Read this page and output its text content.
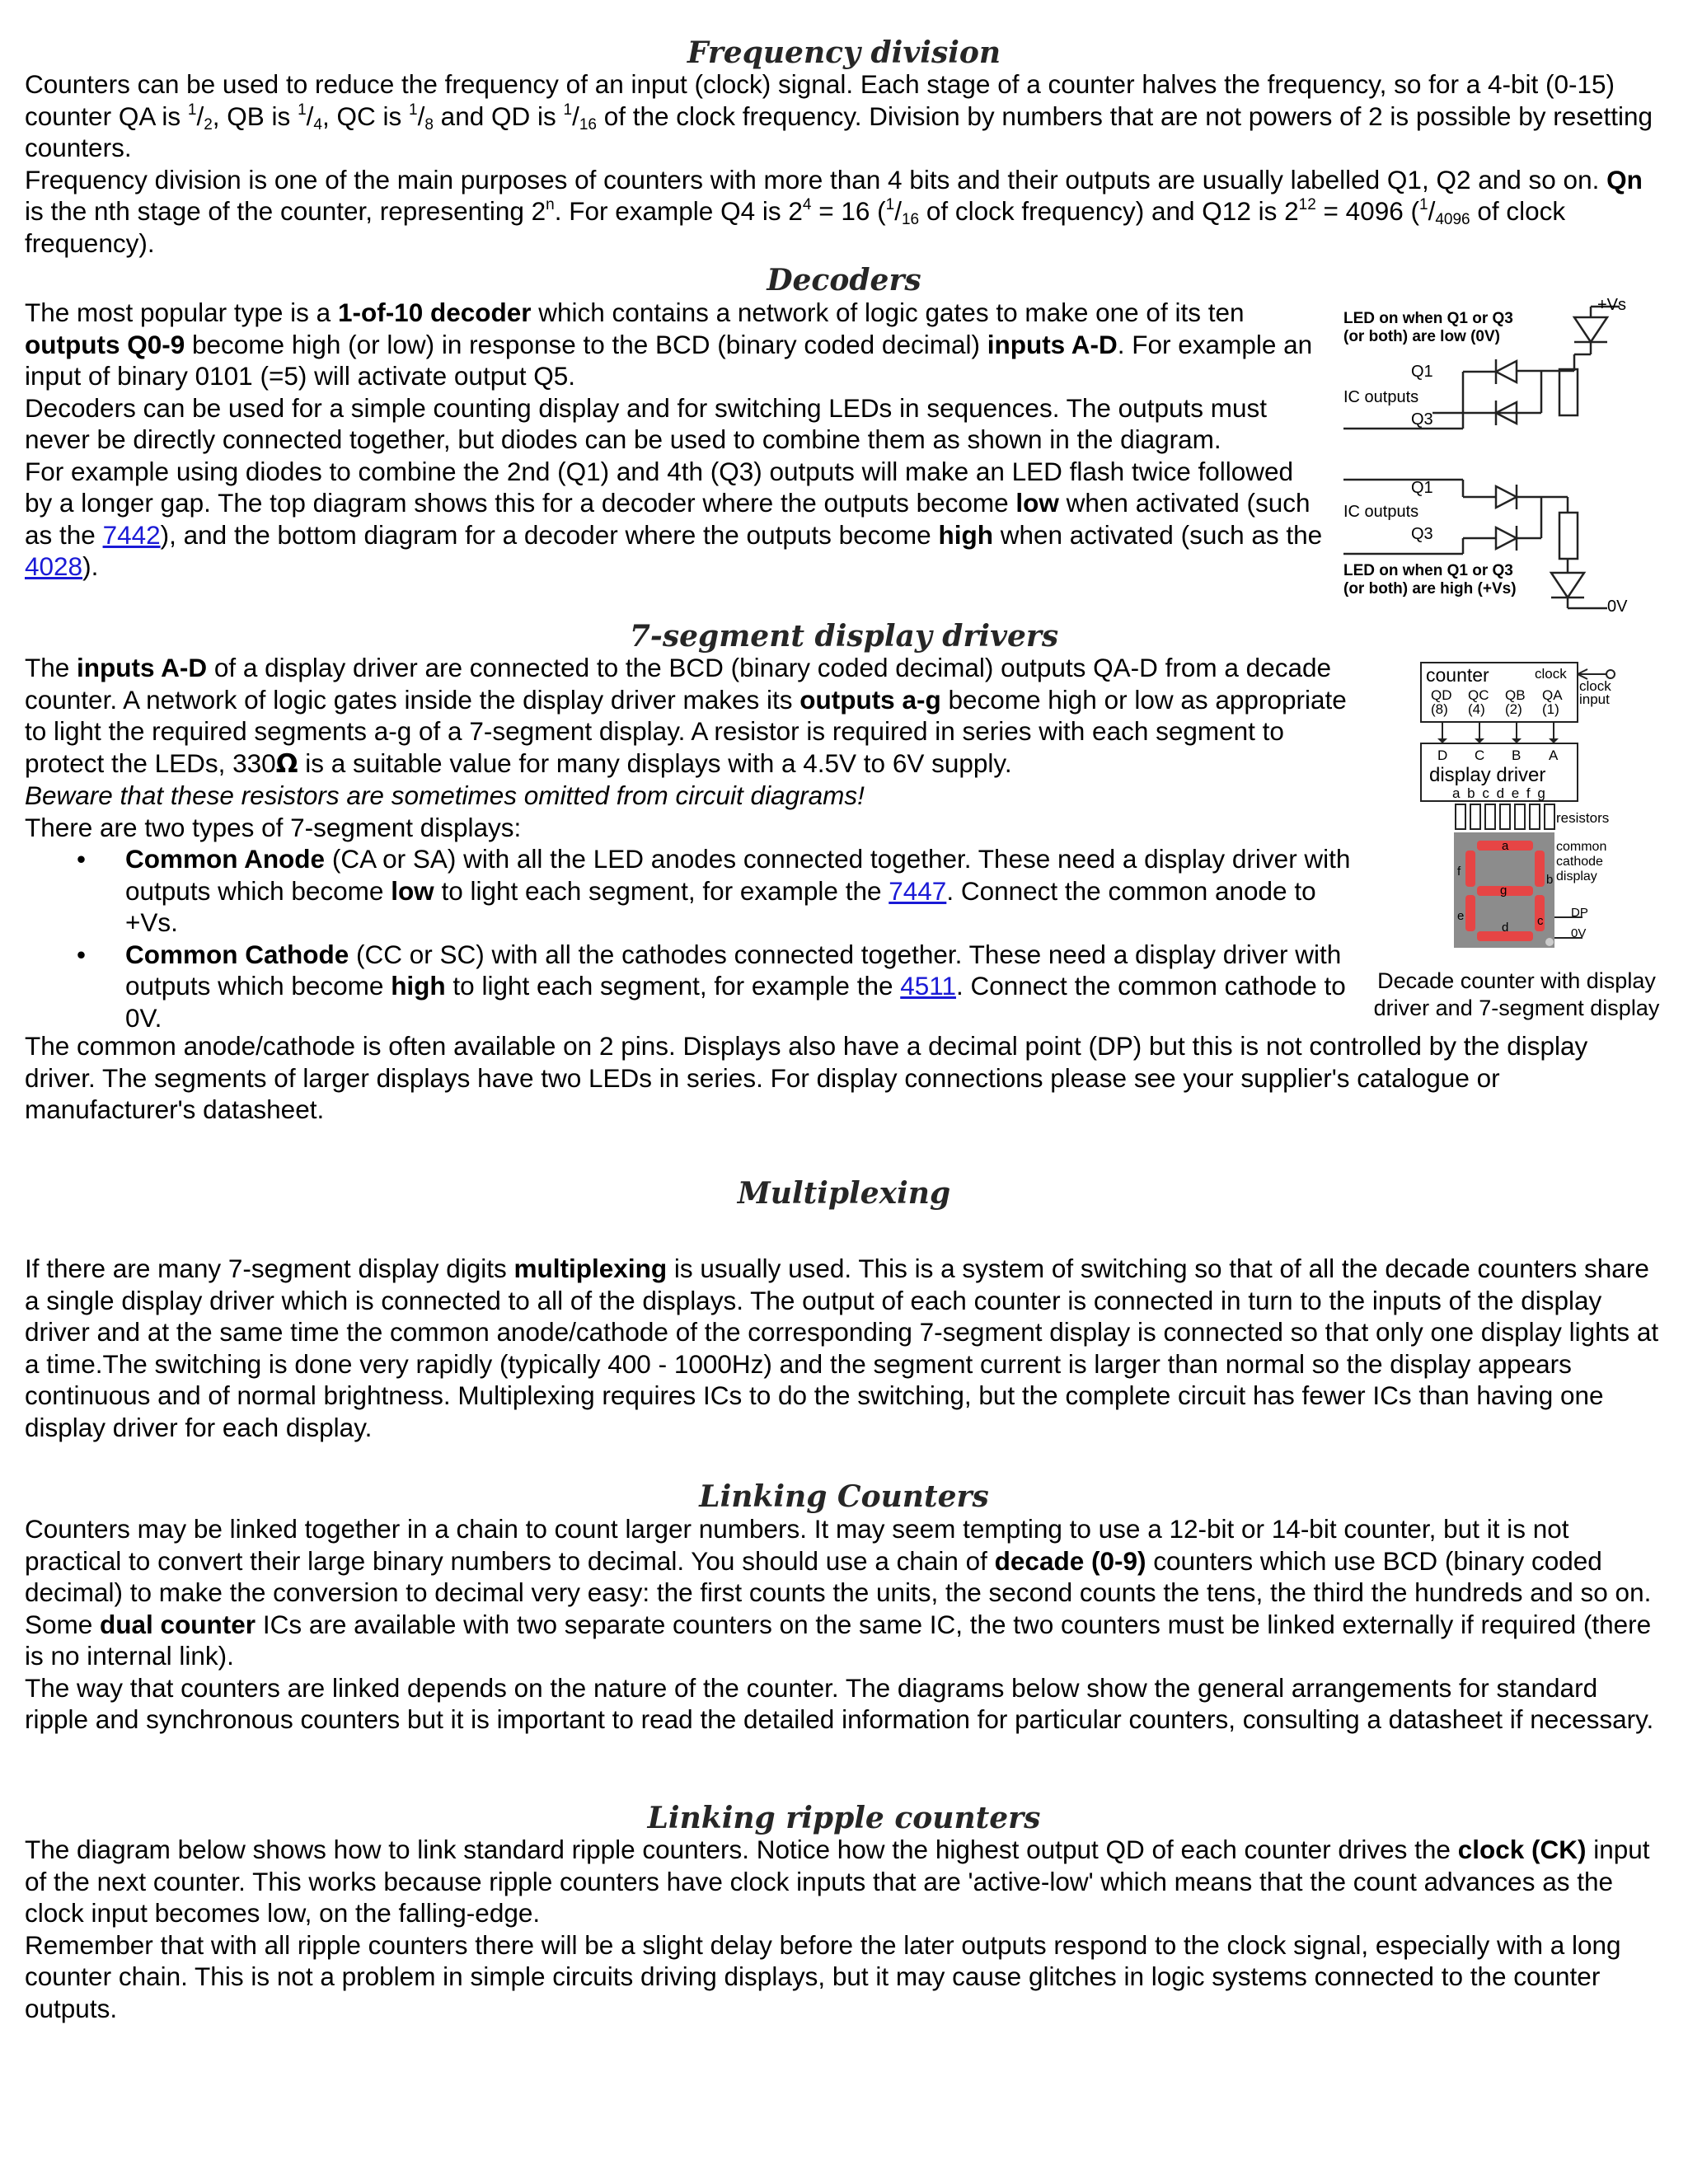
Frequency division

Counters can be used to reduce the frequency of an input (clock) signal. Each stage of a counter halves the frequency, so for a 4-bit (0-15) counter QA is $^1/_2$, QB is $^1/_4$, QC is $^1/_8$ and QD is $^1/_{16}$ of the clock frequency. Division by numbers that are not powers of 2 is possible by resetting counters.

Frequency division is one of the main purposes of counters with more than 4 bits and their outputs are usually labelled Q1, Q2 and so on. Qn is the nth stage of the counter, representing 2$^n$. For example Q4 is $2^4 = 16$ ($^1/_{16}$ of clock frequency) and Q12 is $2^{12} = 4096$ ($^1/_{4096}$ of clock frequency).

Decoders

The most popular type is a 1-of-10 decoder which contains a network of logic gates to make one of its ten outputs Q0-9 become high (or low) in response to the BCD (binary coded decimal) inputs A-D. For example an input of binary 0101 (=5) will activate output Q5.

Decoders can be used for a simple counting display and for switching LEDs in sequences. The outputs must never be directly connected together, but diodes can be used to combine them as shown in the diagram.

For example using diodes to combine the 2nd (Q1) and 4th (Q3) outputs will make an LED flash twice followed by a longer gap. The top diagram shows this for a decoder where the outputs become low when activated (such as the 7442), and the bottom diagram for a decoder where the outputs become high when activated (such as the 4028).

LED on when Q1 or Q3
(or both) are low (0V)
+Vs
Q1
IC outputs
Q3
Q1
IC outputs
Q3
LED on when Q1 or Q3
(or both) are high (+Vs)
0V
7-segment display drivers

The inputs A-D of a display driver are connected to the BCD (binary coded decimal) outputs QA-D from a decade counter. A network of logic gates inside the display driver makes its outputs a-g become high or low as appropriate to light the required segments a-g of a 7-segment display. A resistor is required in series with each segment to protect the LEDs, 330Ω is a suitable value for many displays with a 4.5V to 6V supply.

Beware that these resistors are sometimes omitted from circuit diagrams!

There are two types of 7-segment displays:

• Common Anode (CA or SA) with all the LED anodes connected together. These need a display driver with outputs which become low to light each segment, for example the 7447. Connect the common anode to +Vs.
• Common Cathode (CC or SC) with all the cathodes connected together. These need a display driver with outputs which become high to light each segment, for example the 4511. Connect the common cathode to 0V.

The common anode/cathode is often available on 2 pins. Displays also have a decimal point (DP) but this is not controlled by the display driver. The segments of larger displays have two LEDs in series. For display connections please see your supplier's catalogue or manufacturer's datasheet.

counter	clock
clock
input
QD QC QB QA
(8) (4) (2) (1)
D C B A
display driver
a b c d e f g
resistors
a
b
c
d
e
f
g
common
cathode
display
DP
0V
Decade counter with display
driver and 7-segment display
Multiplexing

If there are many 7-segment display digits multiplexing is usually used. This is a system of switching so that of all the decade counters share a single display driver which is connected to all of the displays. The output of each counter is connected in turn to the inputs of the display driver and at the same time the common anode/cathode of the corresponding 7-segment display is connected so that only one display lights at a time.The switching is done very rapidly (typically 400 - 1000Hz) and the segment current is larger than normal so the display appears continuous and of normal brightness. Multiplexing requires ICs to do the switching, but the complete circuit has fewer ICs than having one display driver for each display.

Linking Counters

Counters may be linked together in a chain to count larger numbers. It may seem tempting to use a 12-bit or 14-bit counter, but it is not practical to convert their large binary numbers to decimal. You should use a chain of decade (0-9) counters which use BCD (binary coded decimal) to make the conversion to decimal very easy: the first counts the units, the second counts the tens, the third the hundreds and so on.

Some dual counter ICs are available with two separate counters on the same IC, the two counters must be linked externally if required (there is no internal link).

The way that counters are linked depends on the nature of the counter. The diagrams below show the general arrangements for standard ripple and synchronous counters but it is important to read the detailed information for particular counters, consulting a datasheet if necessary.

Linking ripple counters

The diagram below shows how to link standard ripple counters. Notice how the highest output QD of each counter drives the clock (CK) input of the next counter. This works because ripple counters have clock inputs that are 'active-low' which means that the count advances as the clock input becomes low, on the falling-edge.

Remember that with all ripple counters there will be a slight delay before the later outputs respond to the clock signal, especially with a long counter chain. This is not a problem in simple circuits driving displays, but it may cause glitches in logic systems connected to the counter outputs.
